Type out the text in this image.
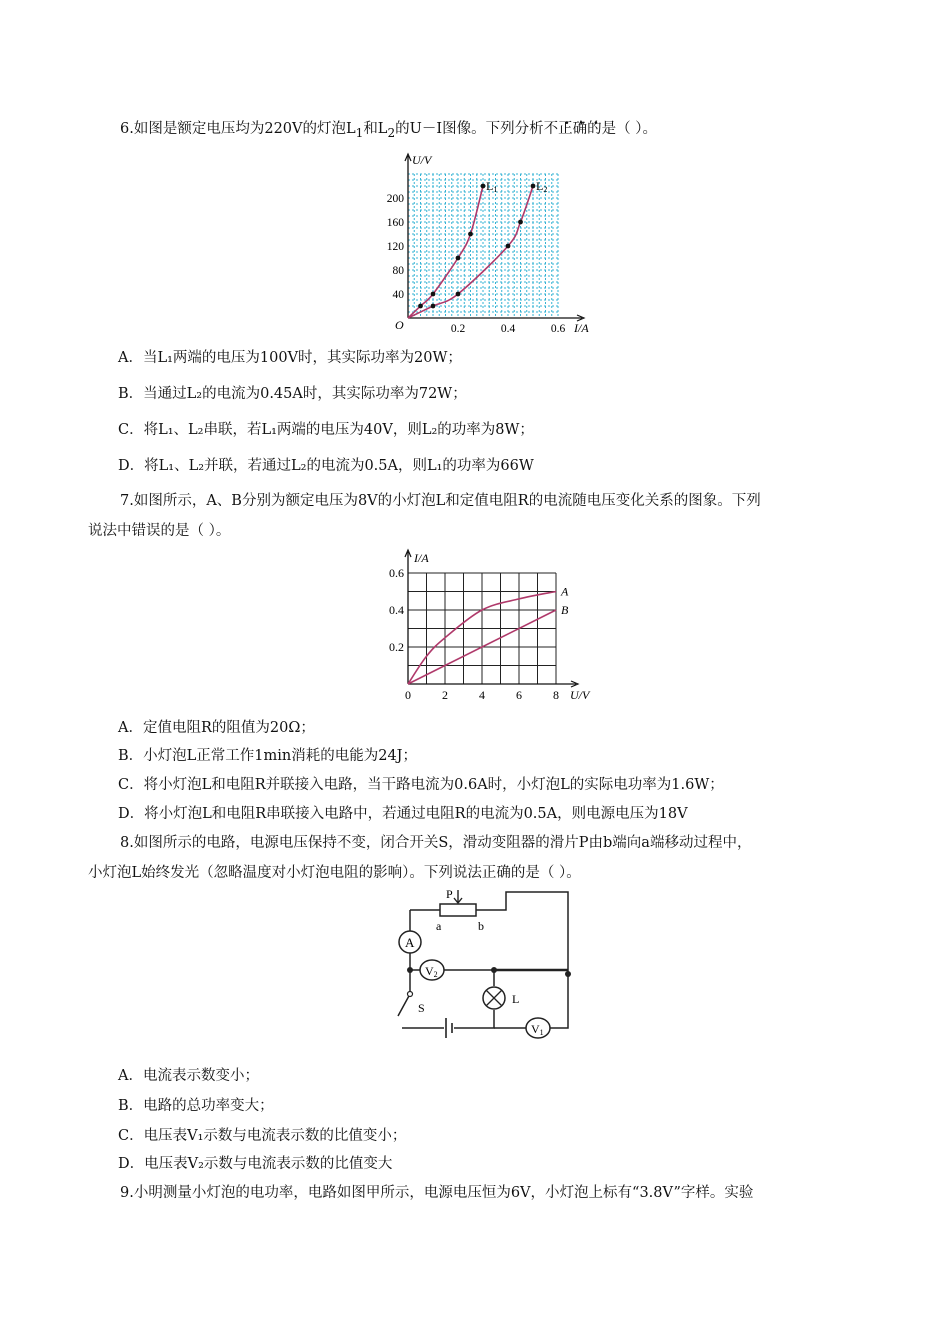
6.如图是额定电压均为220V的灯泡$L_1$和$L_2$的U－I图像。下列分析不正确的是（ ）。
U/V
I/A
O
40
80
120
160
200
0.2	0.4	0.6
L1	L2
A．当L₁两端的电压为100V时，其实际功率为20W；
B．当通过L₂的电流为0.45A时，其实际功率为72W；
C．将L₁、L₂串联，若L₁两端的电压为40V，则L₂的功率为8W；
D．将L₁、L₂并联，若通过L₂的电流为0.5A，则L₁的功率为66W
7.如图所示，A、B分别为额定电压为8V的小灯泡L和定值电阻R的电流随电压变化关系的图象。下列
说法中错误的是（ ）。
I/A
U/V
0.2
0.4
0.6
0	2	4	6	8
A
B
A．定值电阻R的阻值为20Ω；
B．小灯泡L正常工作1min消耗的电能为24J；
C．将小灯泡L和电阻R并联接入电路，当干路电流为0.6A时，小灯泡L的实际电功率为1.6W；
D．将小灯泡L和电阻R串联接入电路中，若通过电阻R的电流为0.5A，则电源电压为18V
8.如图所示的电路，电源电压保持不变，闭合开关S，滑动变阻器的滑片P由b端向a端移动过程中，
小灯泡L始终发光（忽略温度对小灯泡电阻的影响）。下列说法正确的是（ ）。
P
a	b
A
V2
S
L
V1
A．电流表示数变小；
B．电路的总功率变大；
C．电压表V₁示数与电流表示数的比值变小；
D．电压表V₂示数与电流表示数的比值变大
9.小明测量小灯泡的电功率，电路如图甲所示，电源电压恒为6V，小灯泡上标有“3.8V”字样。实验
